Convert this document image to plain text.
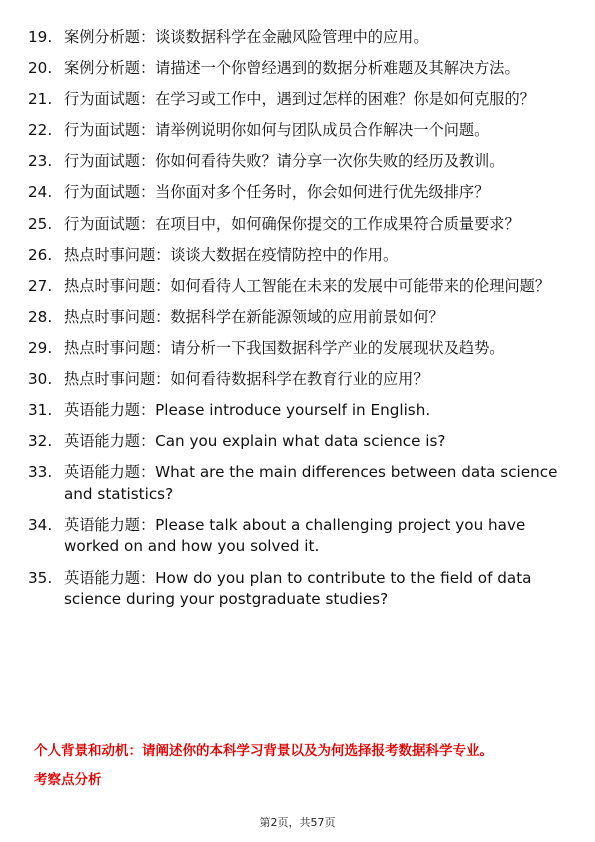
19. 案例分析题：谈谈数据科学在金融风险管理中的应用。
20. 案例分析题：请描述一个你曾经遇到的数据分析难题及其解决方法。
21. 行为面试题：在学习或工作中，遇到过怎样的困难？你是如何克服的？
22. 行为面试题：请举例说明你如何与团队成员合作解决一个问题。
23. 行为面试题：你如何看待失败？请分享一次你失败的经历及教训。
24. 行为面试题：当你面对多个任务时，你会如何进行优先级排序？
25. 行为面试题：在项目中，如何确保你提交的工作成果符合质量要求？
26. 热点时事问题：谈谈大数据在疫情防控中的作用。
27. 热点时事问题：如何看待人工智能在未来的发展中可能带来的伦理问题？
28. 热点时事问题：数据科学在新能源领域的应用前景如何？
29. 热点时事问题：请分析一下我国数据科学产业的发展现状及趋势。
30. 热点时事问题：如何看待数据科学在教育行业的应用？
31. 英语能力题：Please introduce yourself in English.
32. 英语能力题：Can you explain what data science is?
33. 英语能力题：What are the main differences between data science and statistics?
34. 英语能力题：Please talk about a challenging project you have worked on and how you solved it.
35. 英语能力题：How do you plan to contribute to the field of data science during your postgraduate studies?
个人背景和动机：请阐述你的本科学习背景以及为何选择报考数据科学专业。
考察点分析
第2页，共57页
